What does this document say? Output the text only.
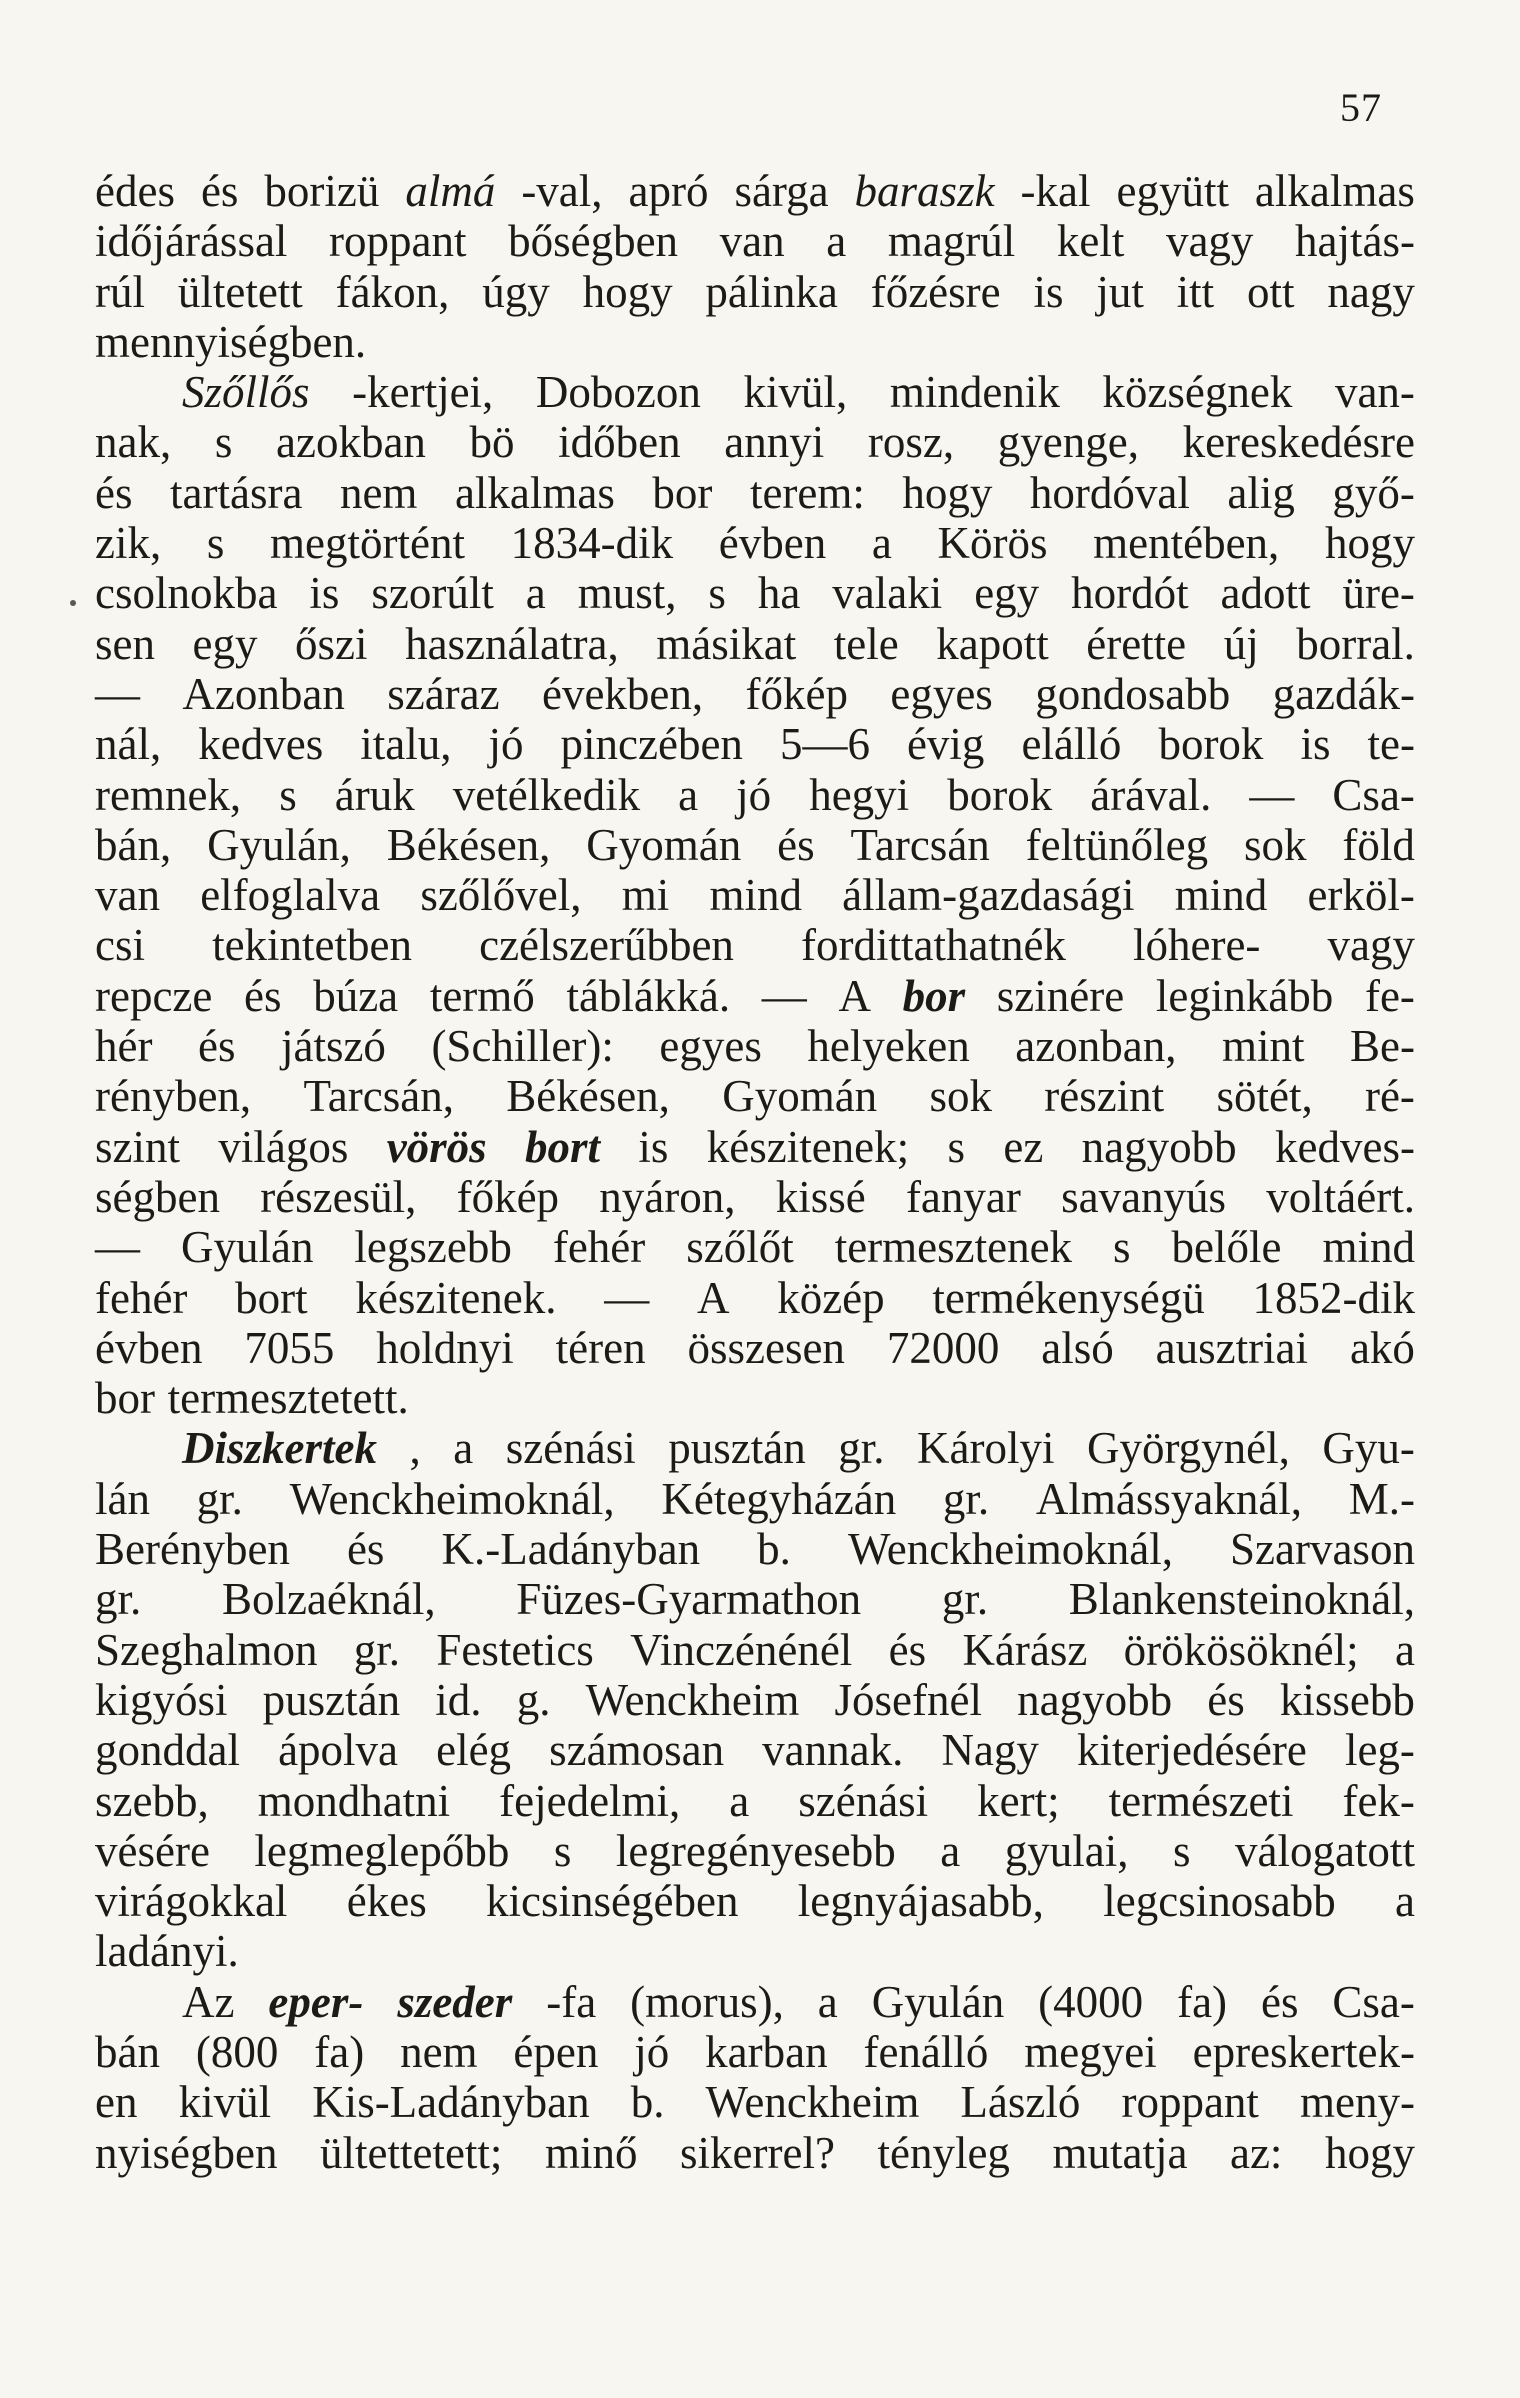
57
édes és borizü almá -val, apró sárga baraszk -kal együtt alkalmas
időjárással roppant bőségben van a magrúl kelt vagy hajtás-
rúl ültetett fákon, úgy hogy pálinka főzésre is jut itt ott nagy
mennyiségben.
Szőllős -kertjei, Dobozon kivül, mindenik községnek van-
nak, s azokban bö időben annyi rosz, gyenge, kereskedésre
és tartásra nem alkalmas bor terem: hogy hordóval alig győ-
zik, s megtörtént 1834-dik évben a Körös mentében, hogy
csolnokba is szorúlt a must, s ha valaki egy hordót adott üre-
sen egy őszi használatra, másikat tele kapott érette új borral.
— Azonban száraz években, főkép egyes gondosabb gazdák-
nál, kedves italu, jó pinczében 5—6 évig elálló borok is te-
remnek, s áruk vetélkedik a jó hegyi borok árával. — Csa-
bán, Gyulán, Békésen, Gyomán és Tarcsán feltünőleg sok föld
van elfoglalva szőlővel, mi mind állam-gazdasági mind erköl-
csi tekintetben czélszerűbben fordittathatnék lóhere- vagy
repcze és búza termő táblákká. — A bor szinére leginkább fe-
hér és játszó (Schiller): egyes helyeken azonban, mint Be-
rényben, Tarcsán, Békésen, Gyomán sok részint sötét, ré-
szint világos vörös bort is készitenek; s ez nagyobb kedves-
ségben részesül, főkép nyáron, kissé fanyar savanyús voltáért.
— Gyulán legszebb fehér szőlőt termesztenek s belőle mind
fehér bort készitenek. — A közép termékenységü 1852-dik
évben 7055 holdnyi téren összesen 72000 alsó ausztriai akó
bor termesztetett.
Diszkertek , a szénási pusztán gr. Károlyi Györgynél, Gyu-
lán gr. Wenckheimoknál, Kétegyházán gr. Almássyaknál, M.-
Berényben és K.-Ladányban b. Wenckheimoknál, Szarvason
gr. Bolzaéknál, Füzes-Gyarmathon gr. Blankensteinoknál,
Szeghalmon gr. Festetics Vinczénénél és Kárász örökösöknél; a
kigyósi pusztán id. g. Wenckheim Jósefnél nagyobb és kissebb
gonddal ápolva elég számosan vannak. Nagy kiterjedésére leg-
szebb, mondhatni fejedelmi, a szénási kert; természeti fek-
vésére legmeglepőbb s legregényesebb a gyulai, s válogatott
virágokkal ékes kicsinségében legnyájasabb, legcsinosabb a
ladányi.
Az eper- szeder -fa (morus), a Gyulán (4000 fa) és Csa-
bán (800 fa) nem épen jó karban fenálló megyei epreskertek-
en kivül Kis-Ladányban b. Wenckheim László roppant meny-
nyiségben ültettetett; minő sikerrel? tényleg mutatja az: hogy
